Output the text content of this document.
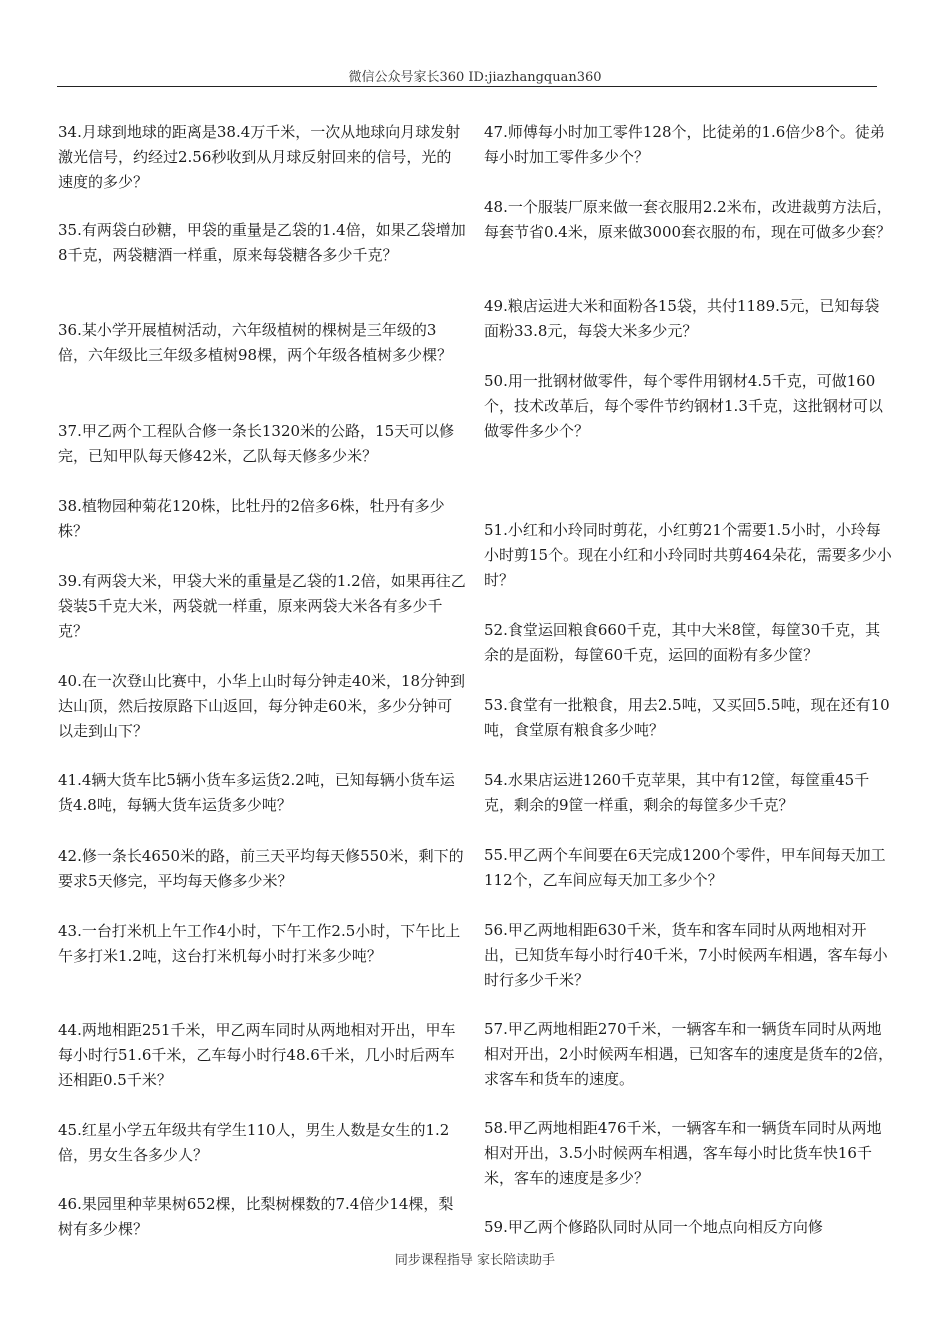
微信公众号家长360 ID:jiazhangquan360

34.月球到地球的距离是38.4万千米，一次从地球向月球发射激光信号，约经过2.56秒收到从月球反射回来的信号，光的速度的多少？

35.有两袋白砂糖，甲袋的重量是乙袋的1.4倍，如果乙袋增加8千克，两袋糖酒一样重，原来每袋糖各多少千克？

36.某小学开展植树活动，六年级植树的棵树是三年级的3倍，六年级比三年级多植树98棵，两个年级各植树多少棵？

37.甲乙两个工程队合修一条长1320米的公路，15天可以修完，已知甲队每天修42米，乙队每天修多少米？

38.植物园种菊花120株，比牡丹的2倍多6株，牡丹有多少株？

39.有两袋大米，甲袋大米的重量是乙袋的1.2倍，如果再往乙袋装5千克大米，两袋就一样重，原来两袋大米各有多少千克？

40.在一次登山比赛中，小华上山时每分钟走40米，18分钟到达山顶，然后按原路下山返回，每分钟走60米，多少分钟可以走到山下？

41.4辆大货车比5辆小货车多运货2.2吨，已知每辆小货车运货4.8吨，每辆大货车运货多少吨？

42.修一条长4650米的路，前三天平均每天修550米，剩下的要求5天修完，平均每天修多少米？

43.一台打米机上午工作4小时，下午工作2.5小时，下午比上午多打米1.2吨，这台打米机每小时打米多少吨？

44.两地相距251千米，甲乙两车同时从两地相对开出，甲车每小时行51.6千米，乙车每小时行48.6千米，几小时后两车还相距0.5千米？

45.红星小学五年级共有学生110人，男生人数是女生的1.2倍，男女生各多少人？

46.果园里种苹果树652棵，比梨树棵数的7.4倍少14棵，梨树有多少棵？

47.师傅每小时加工零件128个，比徒弟的1.6倍少8个。徒弟每小时加工零件多少个？

48.一个服装厂原来做一套衣服用2.2米布，改进裁剪方法后，每套节省0.4米，原来做3000套衣服的布，现在可做多少套？

49.粮店运进大米和面粉各15袋，共付1189.5元，已知每袋面粉33.8元，每袋大米多少元？

50.用一批钢材做零件，每个零件用钢材4.5千克，可做160个，技术改革后，每个零件节约钢材1.3千克，这批钢材可以做零件多少个？

51.小红和小玲同时剪花，小红剪21个需要1.5小时，小玲每小时剪15个。现在小红和小玲同时共剪464朵花，需要多少小时？

52.食堂运回粮食660千克，其中大米8筐，每筐30千克，其余的是面粉，每筐60千克，运回的面粉有多少筐？

53.食堂有一批粮食，用去2.5吨，又买回5.5吨，现在还有10吨，食堂原有粮食多少吨？

54.水果店运进1260千克苹果，其中有12筐，每筐重45千克，剩余的9筐一样重，剩余的每筐多少千克？

55.甲乙两个车间要在6天完成1200个零件，甲车间每天加工112个，乙车间应每天加工多少个？

56.甲乙两地相距630千米，货车和客车同时从两地相对开出，已知货车每小时行40千米，7小时候两车相遇，客车每小时行多少千米？

57.甲乙两地相距270千米，一辆客车和一辆货车同时从两地相对开出，2小时候两车相遇，已知客车的速度是货车的2倍，求客车和货车的速度。

58.甲乙两地相距476千米，一辆客车和一辆货车同时从两地相对开出，3.5小时候两车相遇，客车每小时比货车快16千米，客车的速度是多少？

59.甲乙两个修路队同时从同一个地点向相反方向修

同步课程指导 家长陪读助手
